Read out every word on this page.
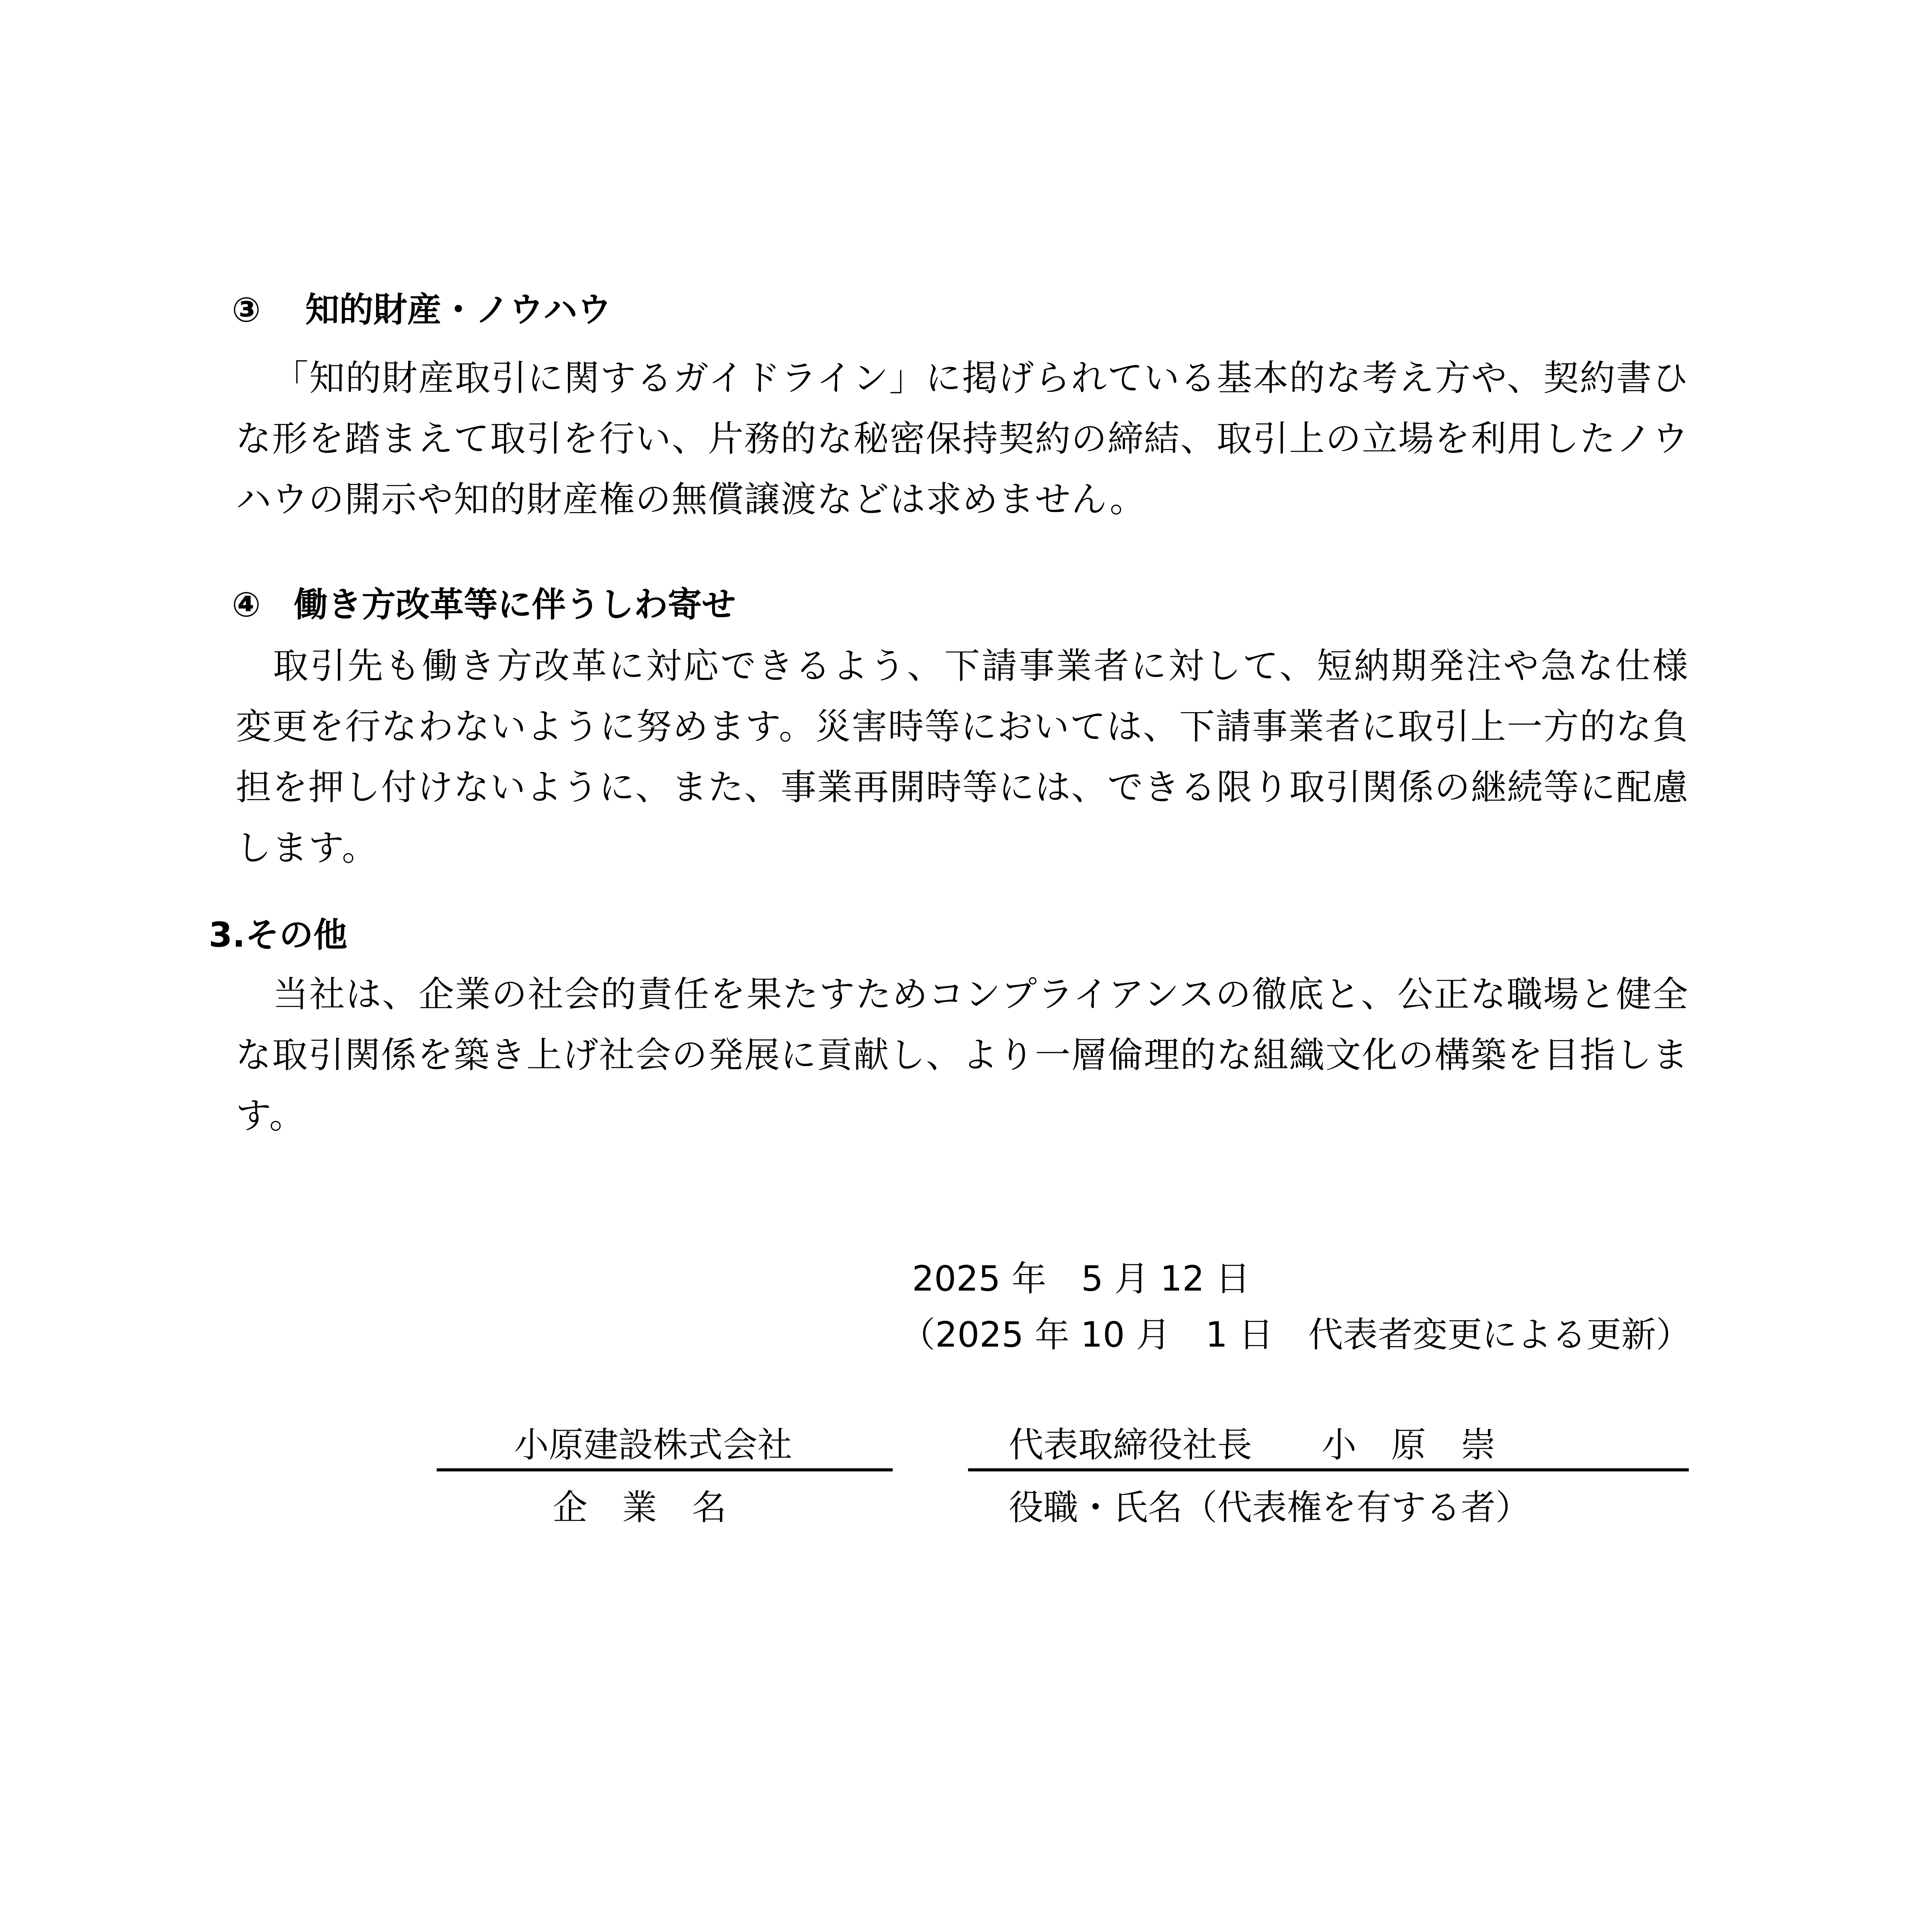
③ 知的財産・ノウハウ
「知的財産取引に関するガイドライン」に掲げられている基本的な考え方や、契約書ひな形を踏まえて取引を行い、片務的な秘密保持契約の締結、取引上の立場を利用したノウハウの開示や知的財産権の無償譲渡などは求めません。
④ 働き方改革等に伴うしわ寄せ
取引先も働き方改革に対応できるよう、下請事業者に対して、短納期発注や急な仕様変更を行なわないように努めます。災害時等においては、下請事業者に取引上一方的な負担を押し付けないように、また、事業再開時等には、できる限り取引関係の継続等に配慮します。
3.その他
当社は、企業の社会的責任を果たすためコンプライアンスの徹底と、公正な職場と健全な取引関係を築き上げ社会の発展に貢献し、より一層倫理的な組織文化の構築を目指します。
2025 年　5 月 12 日
（2025 年 10 月　1 日　代表者変更による更新）
小原建設株式会社
企　業　名
代表取締役社長　　小　原　崇
役職・氏名（代表権を有する者）
